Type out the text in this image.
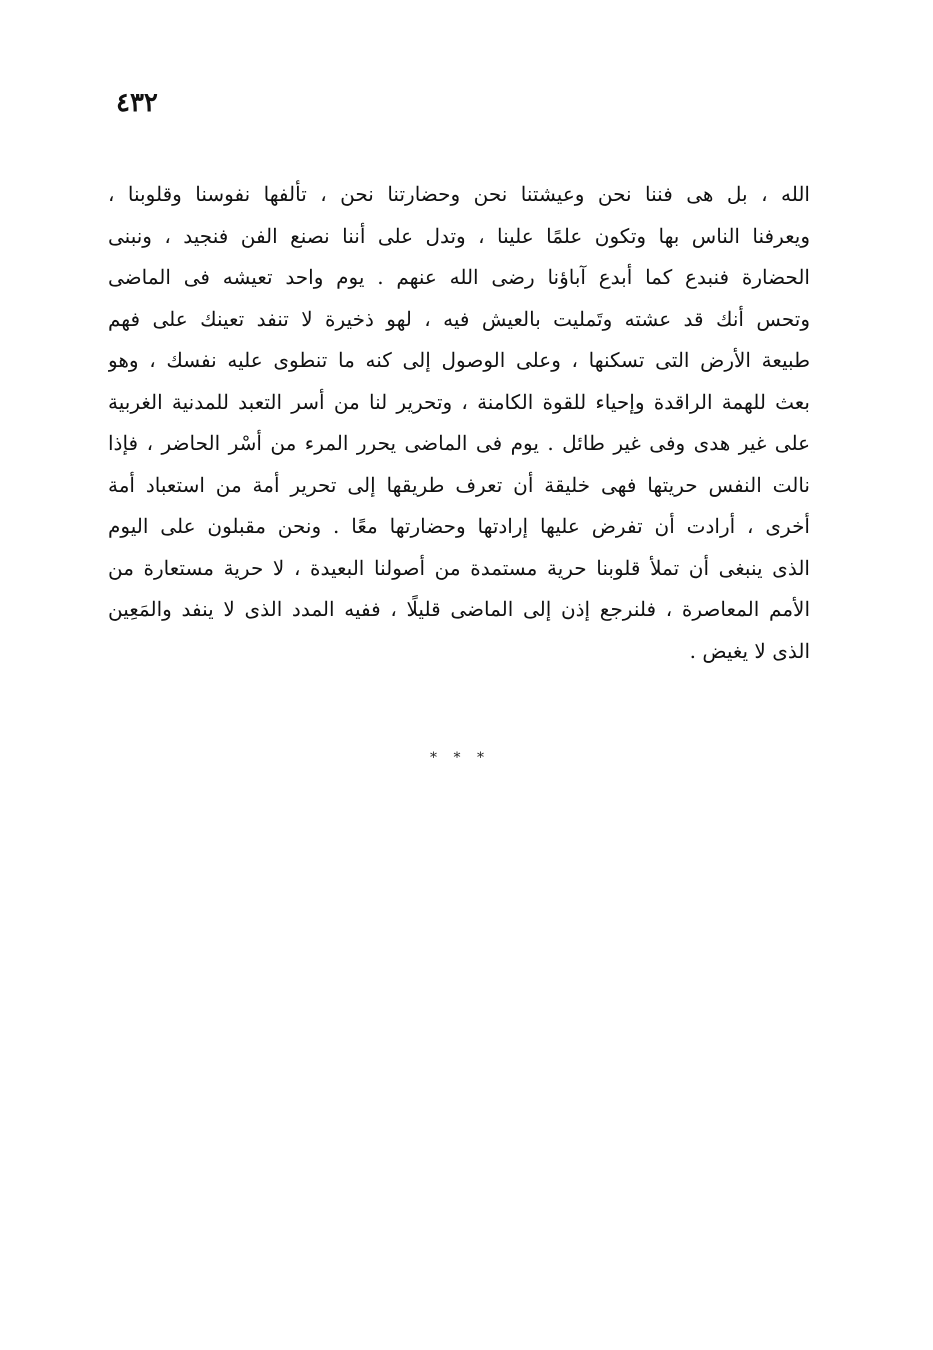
٤٣٢
الله ، بل هى فننا نحن وعيشتنا نحن وحضارتنا نحن ، تألفها نفوسنا وقلوبنا ،
ويعرفنا الناس بها وتكون علمًا علينا ، وتدل على أننا نصنع الفن فنجيد ، ونبنى
الحضارة فنبدع كما أبدع آباؤنا رضى الله عنهم . يوم واحد تعيشه فى الماضى
وتحس أنك قد عشته وتَمليت بالعيش فيه ، لهو ذخيرة لا تنفد تعينك على فهم
طبيعة الأرض التى تسكنها ، وعلى الوصول إلى كنه ما تنطوى عليه نفسك ، وهو
بعث للهمة الراقدة وإحياء للقوة الكامنة ، وتحرير لنا من أسر التعبد للمدنية الغربية
على غير هدى وفى غير طائل . يوم فى الماضى يحرر المرء من أسْر الحاضر ، فإذا
نالت النفس حريتها فهى خليقة أن تعرف طريقها إلى تحرير أمة من استعباد أمة
أخرى ، أرادت أن تفرض عليها إرادتها وحضارتها معًا . ونحن مقبلون على اليوم
الذى ينبغى أن تملأ قلوبنا حرية مستمدة من أصولنا البعيدة ، لا حرية مستعارة من
الأمم المعاصرة ، فلنرجع إذن إلى الماضى قليلًا ، ففيه المدد الذى لا ينفد والمَعِين
الذى لا يغيض .
* * *
